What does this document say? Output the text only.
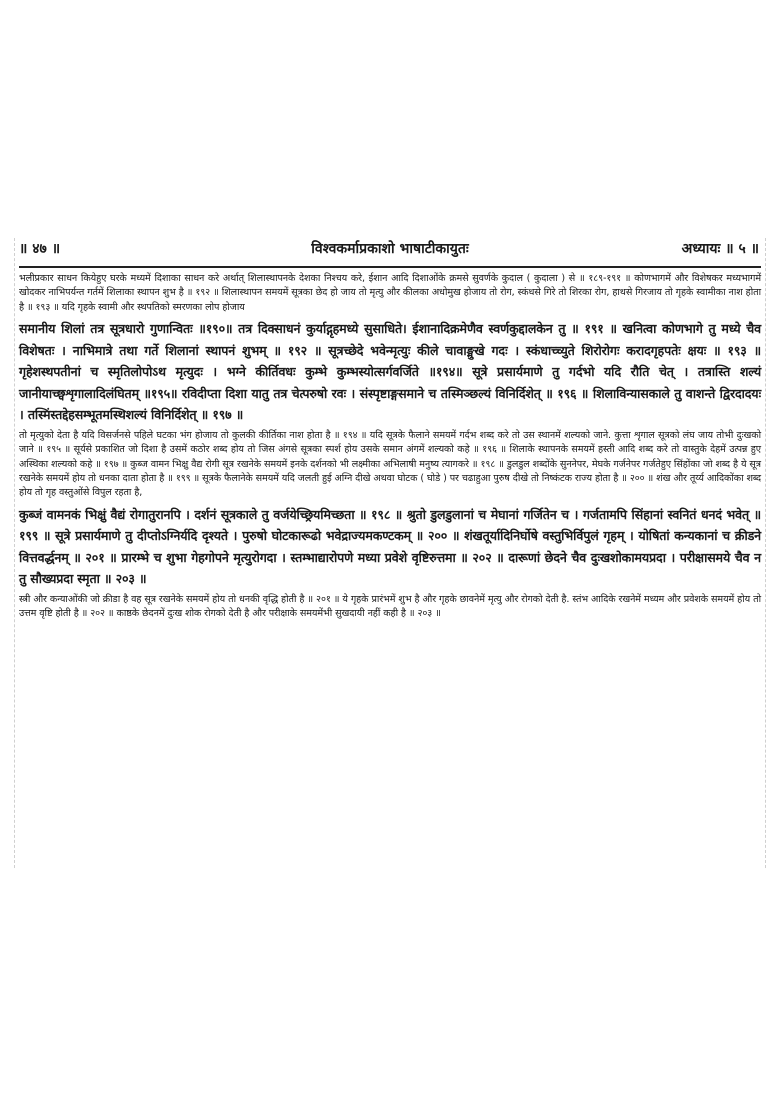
विश्वकर्माप्रकाशो भाषाटीकायुतः
॥ ४७ ॥	अध्यायः ॥ ५ ॥

भलीप्रकार साधन कियेहुए घरके मध्यमें दिशाका साधन करे अर्थात् शिलास्थापनके देशका निश्चय करे, ईशान आदि दिशाओंके क्रमसे सुवर्णके कुदाल ( कुदाला ) से ॥ १८९-१९१ ॥ कोणभागमें और विशेषकर मध्यभागमें खोदकर नाभिपर्यन्त गर्तमें शिलाका स्थापन शुभ है ॥ १९२ ॥ शिलास्थापन समयमें सूत्रका छेद हो जाय तो मृत्यु और कीलका अधोमुख होजाय तो रोग, स्कंधसे गिरे तो शिरका रोग, हाथसे गिरजाय तो गृहके स्वामीका नाश होता है ॥ १९३ ॥ यदि गृहके स्वामी और स्थपतिको स्मरणका लोप होजाय

समानीय शिलां तत्र सूत्रधारो गुणान्वितः ॥१९०॥ तत्र दिक्साधनं कुर्याद्गृहमध्ये सुसाधिते। ईशानादिक्रमेणैव स्वर्णकुद्दालकेन तु ॥ १९१ ॥ खनित्वा कोणभागे तु मध्ये चैव विशेषतः । नाभिमात्रे तथा गर्ते शिलानां स्थापनं शुभम् ॥ १९२ ॥ सूत्रच्छेदे भवेन्मृत्युः कीले चावाङ्मुखे गदः । स्कंधाच्च्युते शिरोरोगः करादगृहपतेः क्षयः ॥ १९३ ॥ गृहेशस्थपतीनां च स्मृतिलोपोऽथ मृत्युदः । भग्ने कीर्तिवधः कुम्भे कुम्भस्योत्सर्गवर्जिते ॥१९४॥ सूत्रे प्रसार्यमाणे तु गर्दभो यदि रौति चेत् । तत्रास्ति शल्यं जानीयाच्छ्वशृगालादिलंघितम् ॥१९५॥ रविदीप्ता दिशा यातु तत्र चेत्परुषो रवः । संस्पृष्टाङ्गसमाने च तस्मिञ्छल्यं विनिर्दिशेत् ॥ १९६ ॥ शिलाविन्यासकाले तु वाशन्ते द्विरदादयः । तस्मिंस्तद्देहसम्भूतमस्थिशल्यं विनिर्दिशेत् ॥ १९७ ॥

तो मृत्युको देता है यदि विसर्जनसे पहिले घटका भंग होजाय तो कुलकी कीर्तिका नाश होता है ॥ १९४ ॥ यदि सूत्रके फैलाने समयमें गर्दभ शब्द करे तो उस स्थानमें शल्यको जाने. कुत्ता शृगाल सूत्रको लंघ जाय तोभी दुःखको जाने ॥ १९५ ॥ सूर्यसे प्रकाशित जो दिशा है उसमें कठोर शब्द होय तो जिस अंगसे सूत्रका स्पर्श होय उसके समान अंगमें शल्यको कहे ॥ १९६ ॥ शिलाके स्थापनके समयमें हस्ती आदि शब्द करे तो वास्तुके देहमें उत्पन्न हुए अस्थिका शल्यको कहे ॥ १९७ ॥ कुब्ज वामन भिक्षु वैद्य रोगी सूत्र रखनेके समयमें इनके दर्शनको भी लक्ष्मीका अभिलाषी मनुष्य त्यागकरे ॥ १९८ ॥ डुलडुल शब्दोंके सुननेपर, मेघके गर्जनेपर गर्जतेहुए सिंहोंका जो शब्द है ये सूत्र रखनेके समयमें होय तो धनका दाता होता है ॥ १९९ ॥ सूत्रके फैलानेके समयमें यदि जलती हुई अग्नि दीखे अथवा घोटक ( घोडे ) पर चढाहुआ पुरुष दीखे तो निष्कंटक राज्य होता है ॥ २०० ॥ शंख और तूर्य्य आदिकोंका शब्द होय तो गृह वस्तुओंसे विपुल रहता है,

कुब्जं वामनकं भिक्षुं वैद्यं रोगातुरानपि । दर्शनं सूत्रकाले तु वर्जयेच्छ्रियमिच्छता ॥ १९८ ॥ श्रुतो डुलडुलानां च मेघानां गर्जितेन च । गर्जतामपि सिंहानां स्वनितं धनदं भवेत् ॥ १९९ ॥ सूत्रे प्रसार्यमाणे तु दीप्तोऽग्निर्यदि दृश्यते । पुरुषो घोटकारूढो भवेद्राज्यमकण्टकम् ॥ २०० ॥ शंखतूर्यादिनिर्घोषे वस्तुभिर्विपुलं गृहम् । योषितां कन्यकानां च क्रीडने वित्तवर्द्धनम् ॥ २०१ ॥ प्रारम्भे च शुभा गेहगोपने मृत्युरोगदा । स्तम्भाद्यारोपणे मध्या प्रवेशे वृष्टिरुत्तमा ॥ २०२ ॥ दारूणां छेदने चैव दुःखशोकामयप्रदा । परीक्षासमये चैव न तु सौख्यप्रदा स्मृता ॥ २०३ ॥

स्त्री और कन्याओंकी जो क्रीडा है वह सूत्र रखनेके समयमें होय तो धनकी वृद्धि होती है ॥ २०१ ॥ ये गृहके प्रारंभमें शुभ है और गृहके छावनेमें मृत्यु और रोगको देती है. स्तंभ आदिके रखनेमें मध्यम और प्रवेशके समयमें होय तो उत्तम वृष्टि होती है ॥ २०२ ॥ काष्ठके छेदनमें दुःख शोक रोगको देती है और परीक्षाके समयमेंभी सुखदायी नहीं कही है ॥ २०३ ॥
